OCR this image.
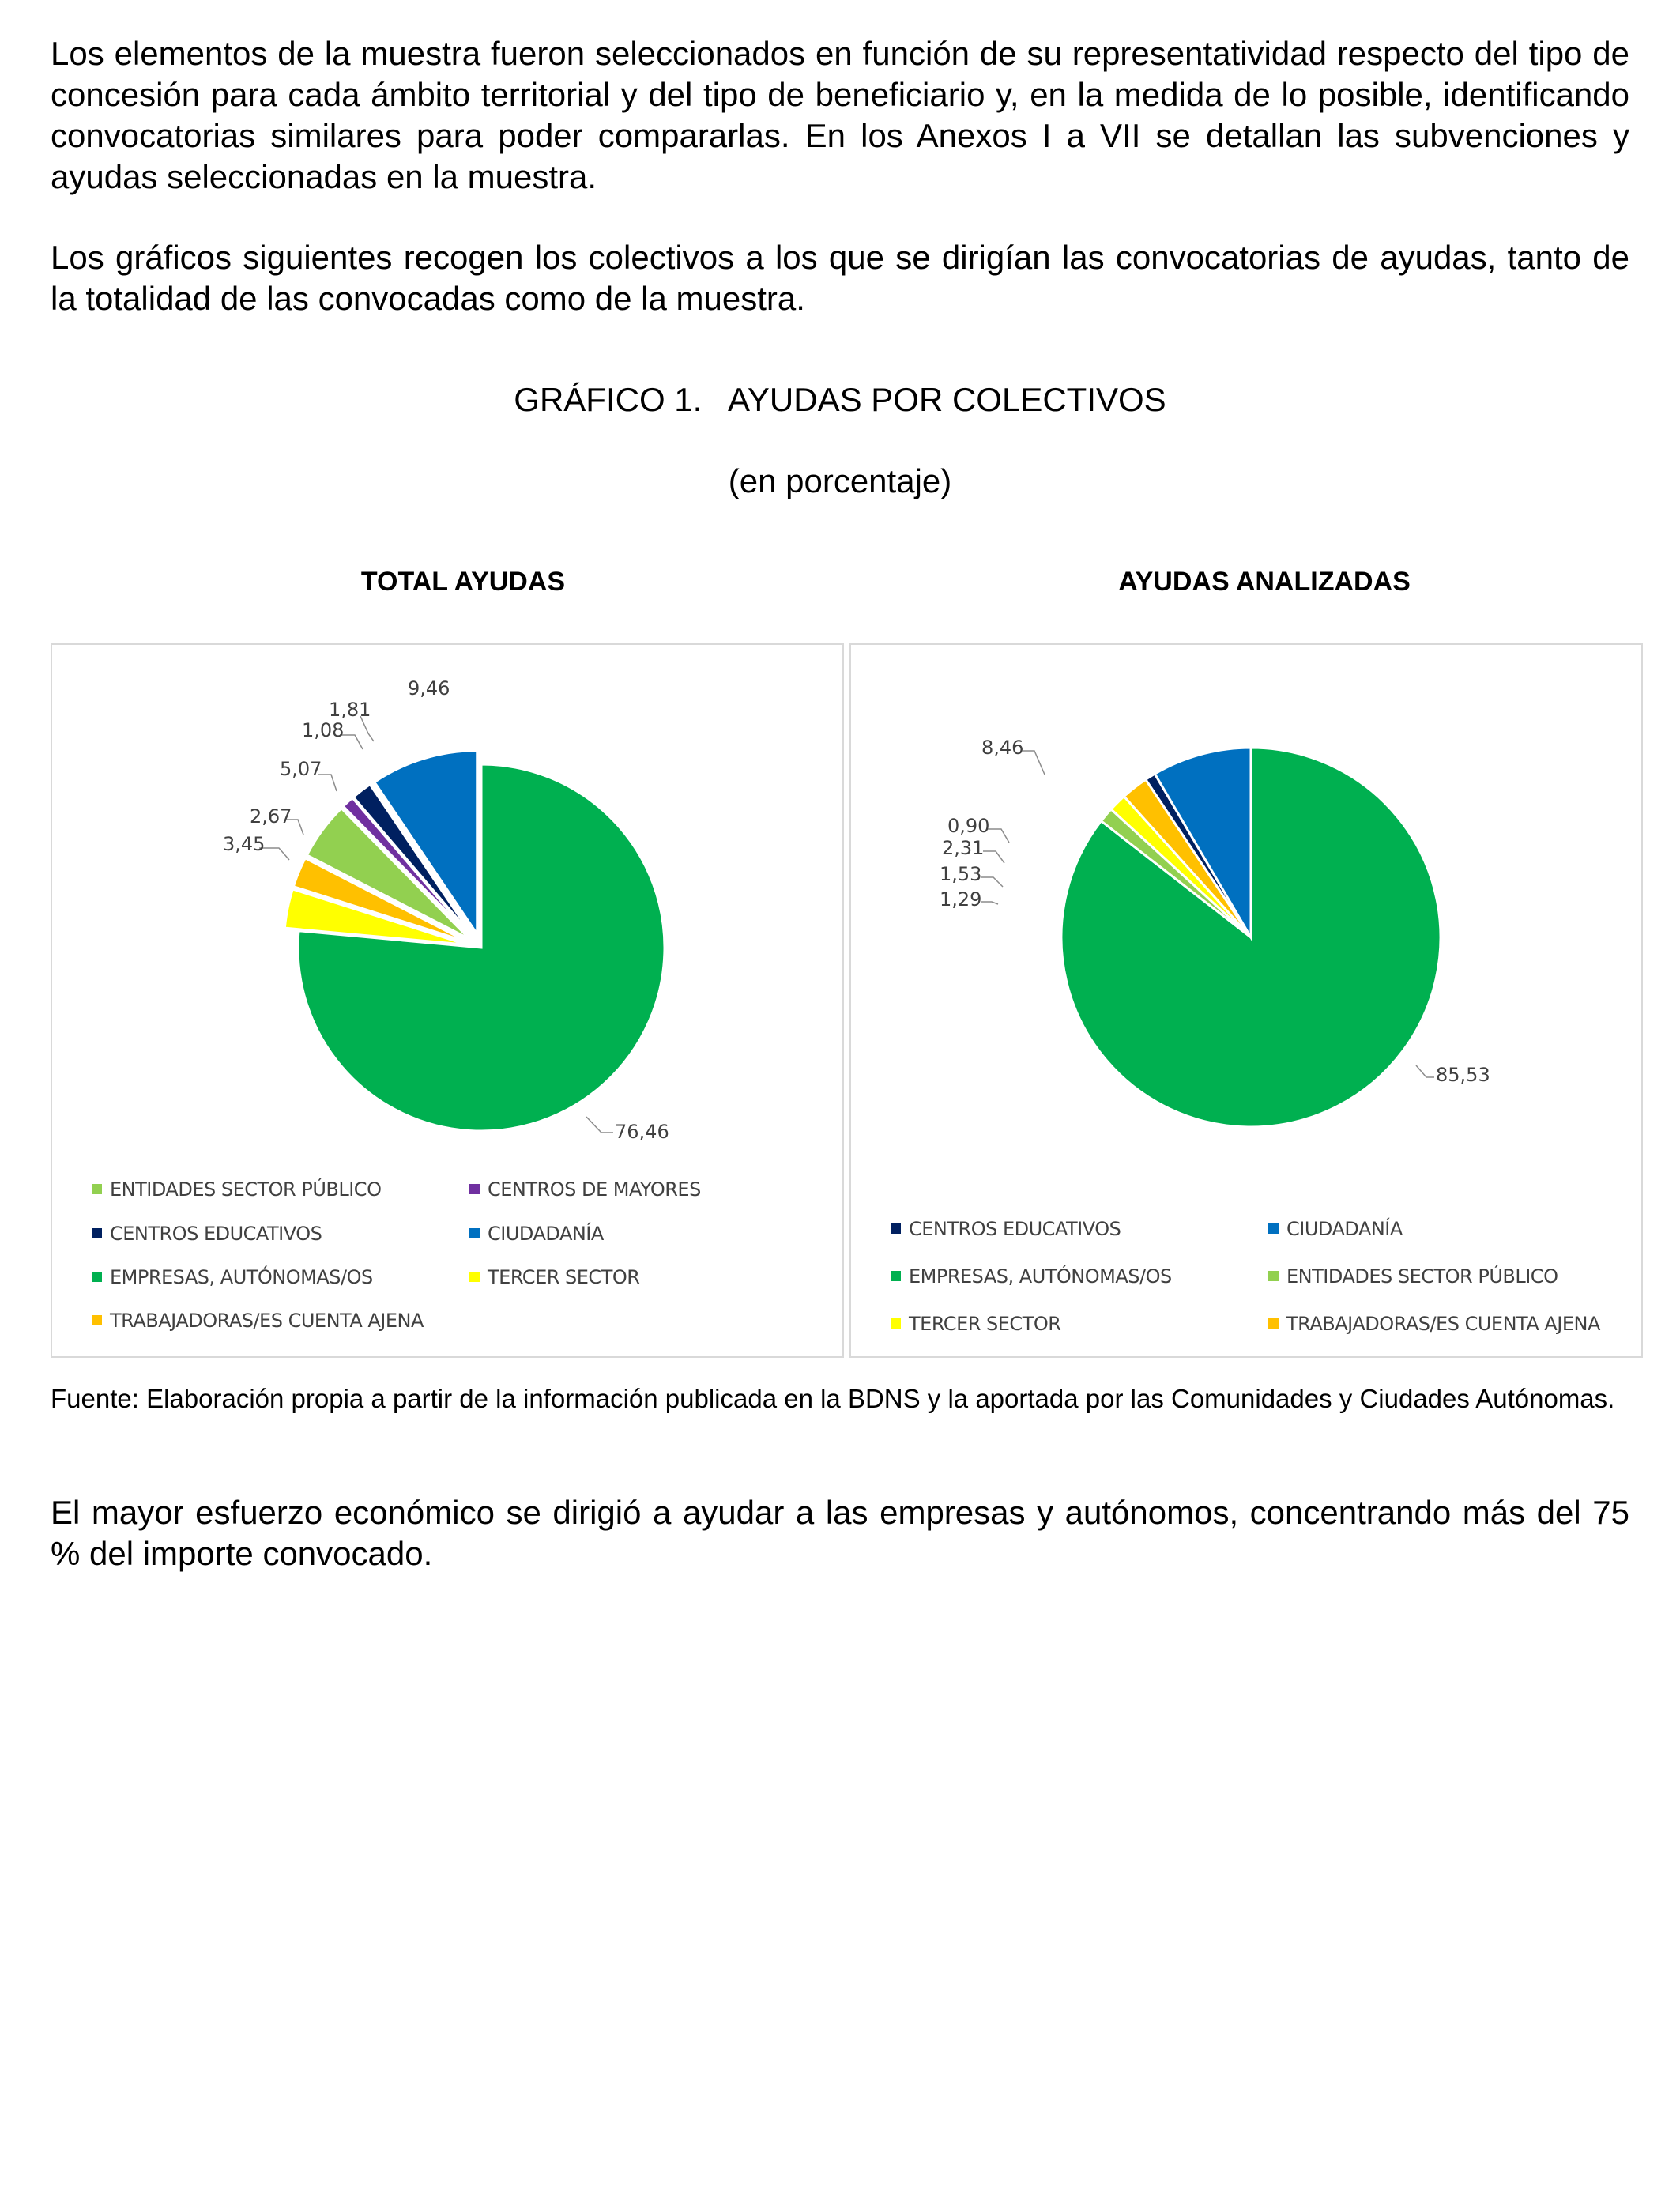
Los elementos de la muestra fueron seleccionados en función de su representatividad respecto del tipo de concesión para cada ámbito territorial y del tipo de beneficiario y, en la medida de lo posible, identificando convocatorias similares para poder compararlas. En los Anexos I a VII se detallan las subvenciones y ayudas seleccionadas en la muestra.

Los gráficos siguientes recogen los colectivos a los que se dirigían las convocatorias de ayudas, tanto de la totalidad de las convocadas como de la muestra.

GRÁFICO 1.   AYUDAS POR COLECTIVOS
(en porcentaje)
TOTAL AYUDAS	AYUDAS ANALIZADAS
76,46
3,45
2,67
5,07
1,08
1,81
9,46
ENTIDADES SECTOR PÚBLICO	CENTROS DE MAYORES
CENTROS EDUCATIVOS	CIUDADANÍA
EMPRESAS, AUTÓNOMAS/OS	TERCER SECTOR
TRABAJADORAS/ES CUENTA AJENA
85,53
1,29
1,53
2,31
0,90
8,46
CENTROS EDUCATIVOS	CIUDADANÍA
EMPRESAS, AUTÓNOMAS/OS	ENTIDADES SECTOR PÚBLICO
TERCER SECTOR	TRABAJADORAS/ES CUENTA AJENA

Fuente: Elaboración propia a partir de la información publicada en la BDNS y la aportada por las Comunidades y Ciudades Autónomas.

El mayor esfuerzo económico se dirigió a ayudar a las empresas y autónomos, concentrando más del 75 % del importe convocado.
